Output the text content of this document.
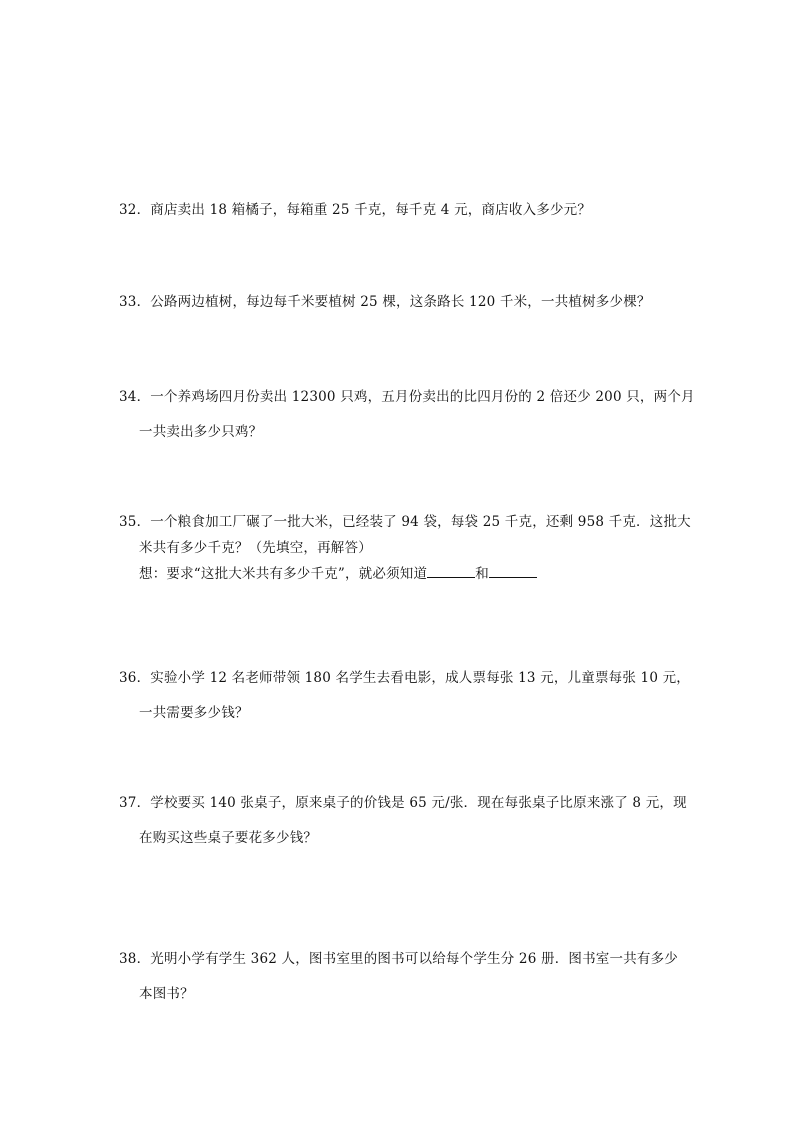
32．商店卖出 18 箱橘子，每箱重 25 千克，每千克 4 元，商店收入多少元？
33．公路两边植树，每边每千米要植树 25 棵，这条路长 120 千米，一共植树多少棵？
34．一个养鸡场四月份卖出 12300 只鸡，五月份卖出的比四月份的 2 倍还少 200 只，两个月
一共卖出多少只鸡？
35．一个粮食加工厂碾了一批大米，已经装了 94 袋，每袋 25 千克，还剩 958 千克．这批大
米共有多少千克？（先填空，再解答）
想：要求“这批大米共有多少千克”，就必须知道	和
36．实验小学 12 名老师带领 180 名学生去看电影，成人票每张 13 元，儿童票每张 10 元，
一共需要多少钱？
37．学校要买 140 张桌子，原来桌子的价钱是 65 元/张．现在每张桌子比原来涨了 8 元，现
在购买这些桌子要花多少钱？
38．光明小学有学生 362 人，图书室里的图书可以给每个学生分 26 册．图书室一共有多少
本图书？
